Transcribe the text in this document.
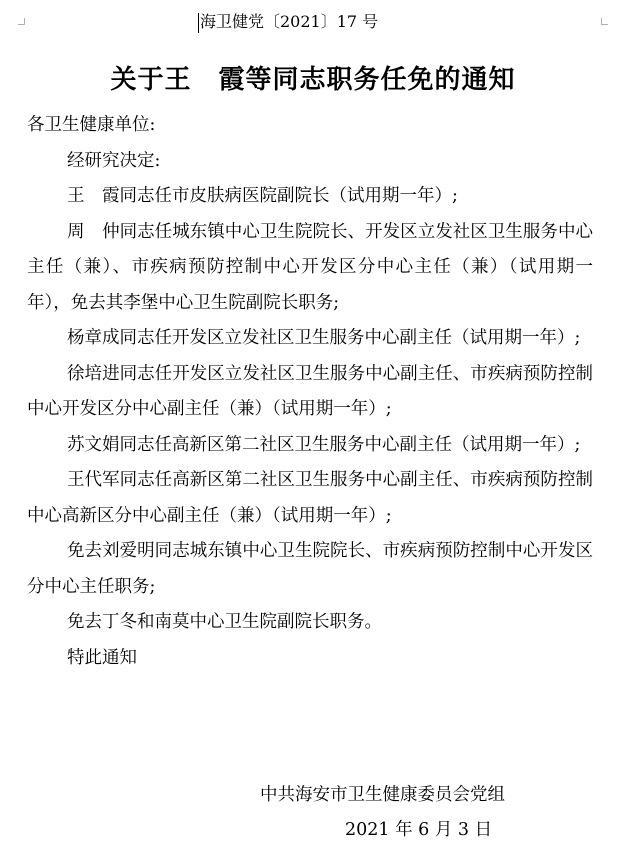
海卫健党〔2021〕17 号
关于王　霞等同志职务任免的通知

各卫生健康单位:

经研究决定:

王　霞同志任市皮肤病医院副院长（试用期一年）;

周　仲同志任城东镇中心卫生院院长、开发区立发社区卫生服务中心主任（兼）、市疾病预防控制中心开发区分中心主任（兼）（试用期一年），免去其李堡中心卫生院副院长职务;

杨章成同志任开发区立发社区卫生服务中心副主任（试用期一年）;

徐培进同志任开发区立发社区卫生服务中心副主任、市疾病预防控制中心开发区分中心副主任（兼）（试用期一年）;

苏文娟同志任高新区第二社区卫生服务中心副主任（试用期一年）;

王代军同志任高新区第二社区卫生服务中心副主任、市疾病预防控制中心高新区分中心副主任（兼）（试用期一年）;

免去刘爱明同志城东镇中心卫生院院长、市疾病预防控制中心开发区分中心主任职务;

免去丁冬和南莫中心卫生院副院长职务。

特此通知

中共海安市卫生健康委员会党组
2021 年 6 月 3 日
